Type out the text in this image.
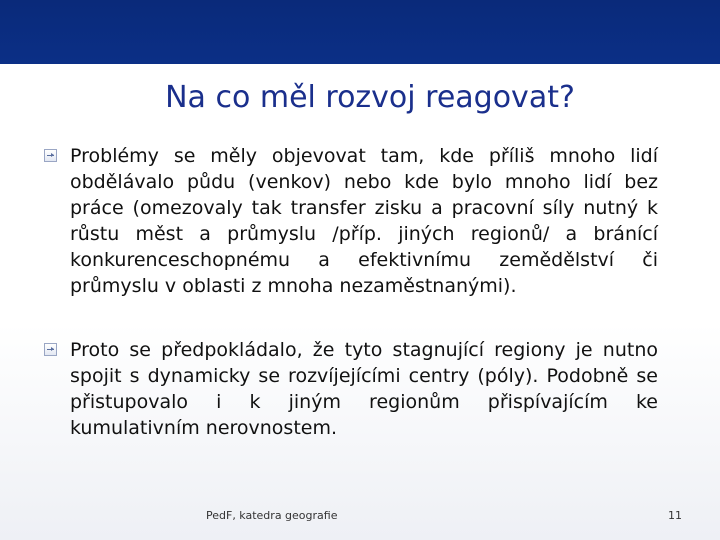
Na co měl rozvoj reagovat?
Problémy se měly objevovat tam, kde příliš mnoho lidí obdělávalo půdu (venkov) nebo kde bylo mnoho lidí bez práce (omezovaly tak transfer zisku a pracovní síly nutný k růstu měst a průmyslu /příp. jiných regionů/ a bránící konkurenceschopnému a efektivnímu zemědělství či průmyslu v oblasti z mnoha nezaměstnanými).
Proto se předpokládalo, že tyto stagnující regiony je nutno spojit s dynamicky se rozvíjejícími centry (póly). Podobně se přistupovalo i k jiným regionům přispívajícím ke kumulativním nerovnostem.
PedF, katedra geografie	11
